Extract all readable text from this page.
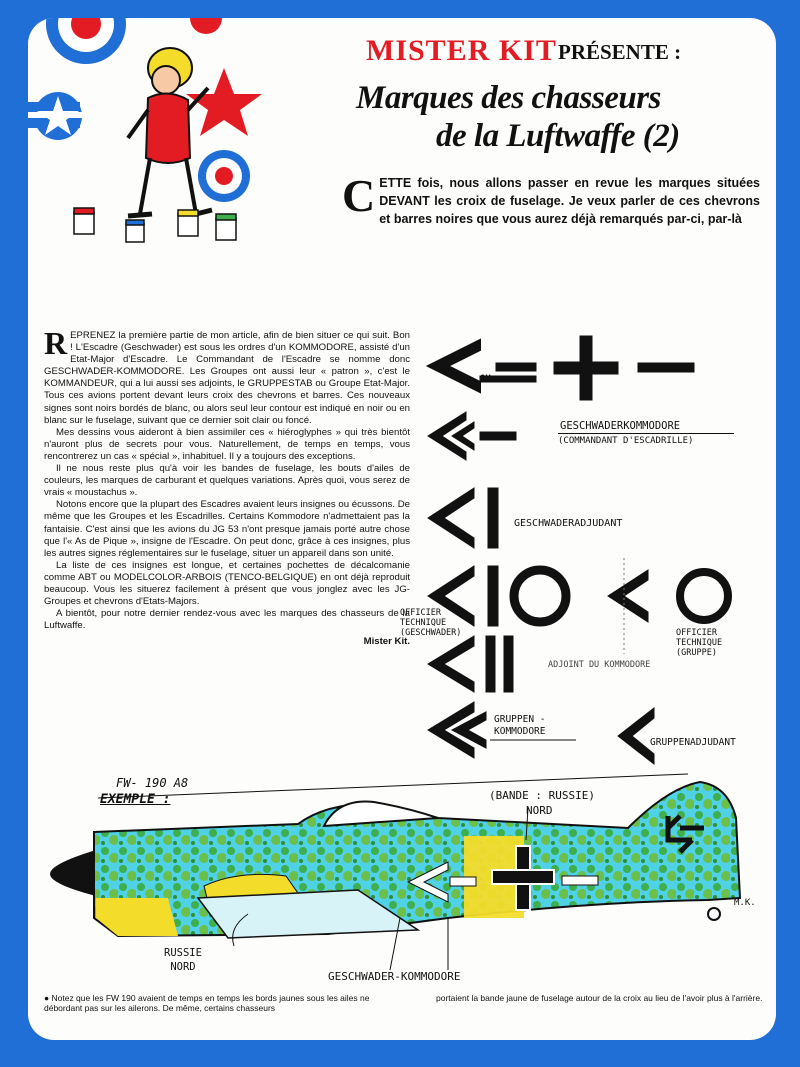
MISTER KIT PRÉSENTE :
Marques des chasseurs
de la Luftwaffe (2)
C ETTE fois, nous allons passer en revue les marques situées DEVANT les croix de fuselage. Je veux parler de ces chevrons et barres noires que vous aurez déjà remarqués par-ci, par-là

REPRENEZ la première partie de mon article, afin de bien situer ce qui suit. Bon ! L'Escadre (Geschwader) est sous les ordres d'un KOMMODORE, assisté d'un Etat-Major d'Escadre. Le Commandant de l'Escadre se nomme donc GESCHWADER-KOMMODORE. Les Groupes ont aussi leur « patron », c'est le KOMMANDEUR, qui a lui aussi ses adjoints, le GRUPPESTAB ou Groupe Etat-Major. Tous ces avions portent devant leurs croix des chevrons et barres. Ces nouveaux signes sont noirs bordés de blanc, ou alors seul leur contour est indiqué en noir ou en blanc sur le fuselage, suivant que ce dernier soit clair ou foncé.

Mes dessins vous aideront à bien assimiler ces « hiéroglyphes » qui très bientôt n'auront plus de secrets pour vous. Naturellement, de temps en temps, vous rencontrerez un cas « spécial », inhabituel. Il y a toujours des exceptions.

Il ne nous reste plus qu'à voir les bandes de fuselage, les bouts d'ailes de couleurs, les marques de carburant et quelques variations. Après quoi, vous serez de vrais « moustachus ».

Notons encore que la plupart des Escadres avaient leurs insignes ou écussons. De même que les Groupes et les Escadrilles. Certains Kommodore n'admettaient pas la fantaisie. C'est ainsi que les avions du JG 53 n'ont presque jamais porté autre chose que l'« As de Pique », insigne de l'Escadre. On peut donc, grâce à ces insignes, plus les autres signes réglementaires sur le fuselage, situer un appareil dans son unité.

La liste de ces insignes est longue, et certaines pochettes de décalcomanie comme ABT ou MODELCOLOR-ARBOIS (TENCO-BELGIQUE) en ont déjà reproduit beaucoup. Vous les situerez facilement à présent que vous jonglez avec les JG-Groupes et chevrons d'Etats-Majors.

A bientôt, pour notre dernier rendez-vous avec les marques des chasseurs de la Luftwaffe.

Mister Kit.
OU
GESCHWADERKOMMODORE
(COMMANDANT D'ESCADRILLE)
GESCHWADERADJUDANT
OFFICIER
TECHNIQUE
(GESCHWADER)	OFFICIER
TECHNIQUE
(GRUPPE)
ADJOINT DU KOMMODORE
GRUPPEN -
KOMMODORE
GRUPPENADJUDANT
FW- 190 A8
EXEMPLE :	(BANDE : RUSSIE)
NORD
M.K.
RUSSIE
NORD
GESCHWADER-KOMMODORE
● Notez que les FW 190 avaient de temps en temps les bords jaunes sous les ailes ne débordant pas sur les ailerons. De même, certains chasseurs
portaient la bande jaune de fuselage autour de la croix au lieu de l'avoir plus à l'arrière.
